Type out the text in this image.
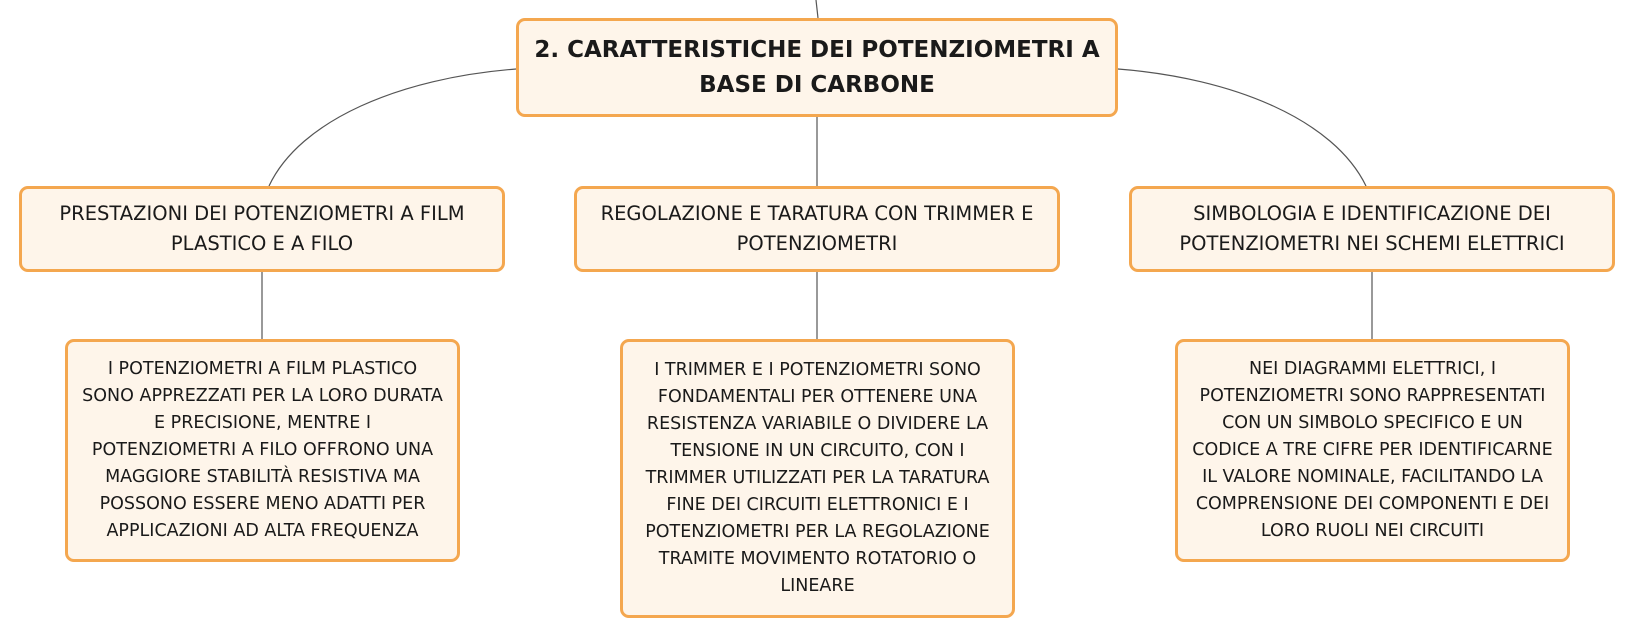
2. CARATTERISTICHE DEI POTENZIOMETRI A BASE DI CARBONE
PRESTAZIONI DEI POTENZIOMETRI A FILM PLASTICO E A FILO
REGOLAZIONE E TARATURA CON TRIMMER E POTENZIOMETRI
SIMBOLOGIA E IDENTIFICAZIONE DEI POTENZIOMETRI NEI SCHEMI ELETTRICI
I POTENZIOMETRI A FILM PLASTICO SONO APPREZZATI PER LA LORO DURATA E PRECISIONE, MENTRE I POTENZIOMETRI A FILO OFFRONO UNA MAGGIORE STABILITÀ RESISTIVA MA POSSONO ESSERE MENO ADATTI PER APPLICAZIONI AD ALTA FREQUENZA
I TRIMMER E I POTENZIOMETRI SONO FONDAMENTALI PER OTTENERE UNA RESISTENZA VARIABILE O DIVIDERE LA TENSIONE IN UN CIRCUITO, CON I TRIMMER UTILIZZATI PER LA TARATURA FINE DEI CIRCUITI ELETTRONICI E I POTENZIOMETRI PER LA REGOLAZIONE TRAMITE MOVIMENTO ROTATORIO O LINEARE
NEI DIAGRAMMI ELETTRICI, I POTENZIOMETRI SONO RAPPRESENTATI CON UN SIMBOLO SPECIFICO E UN CODICE A TRE CIFRE PER IDENTIFICARNE IL VALORE NOMINALE, FACILITANDO LA COMPRENSIONE DEI COMPONENTI E DEI LORO RUOLI NEI CIRCUITI
